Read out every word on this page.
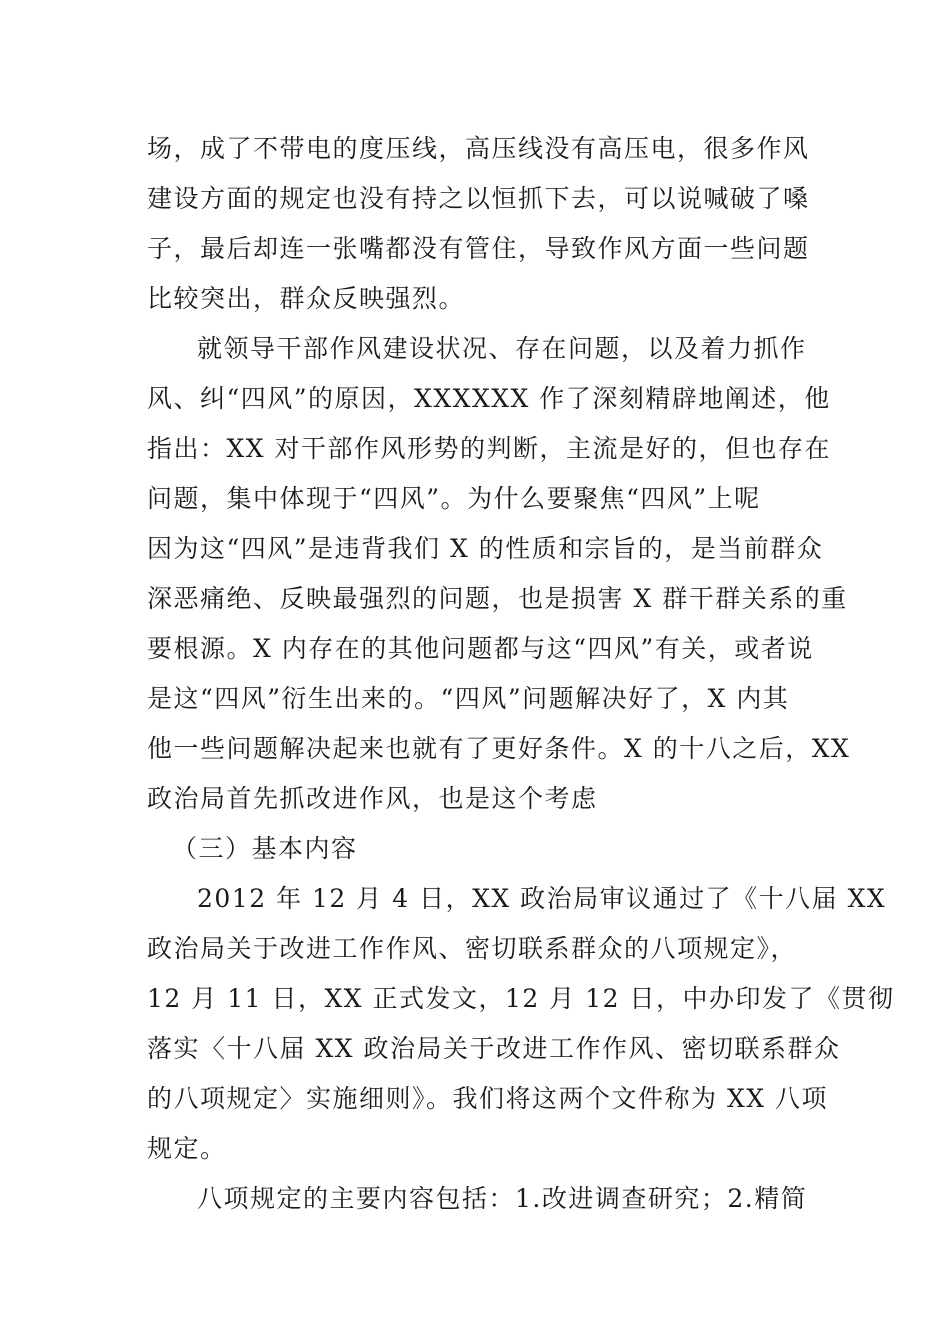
场，成了不带电的度压线，高压线没有高压电，很多作风
建设方面的规定也没有持之以恒抓下去，可以说喊破了嗓
子，最后却连一张嘴都没有管住，导致作风方面一些问题
比较突出，群众反映强烈。
就领导干部作风建设状况、存在问题，以及着力抓作
风、纠“四风”的原因，XXXXXX 作了深刻精辟地阐述，他
指出：XX 对干部作风形势的判断，主流是好的，但也存在
问题，集中体现于“四风”。为什么要聚焦“四风”上呢
因为这“四风”是违背我们 X 的性质和宗旨的，是当前群众
深恶痛绝、反映最强烈的问题，也是损害 X 群干群关系的重
要根源。X 内存在的其他问题都与这“四风”有关，或者说
是这“四风”衍生出来的。“四风”问题解决好了，X 内其
他一些问题解决起来也就有了更好条件。X 的十八之后，XX
政治局首先抓改进作风，也是这个考虑
（三）基本内容
2012 年 12 月 4 日，XX 政治局审议通过了《十八届 XX
政治局关于改进工作作风、密切联系群众的八项规定》，
12 月 11 日，XX 正式发文，12 月 12 日，中办印发了《贯彻
落实〈十八届 XX 政治局关于改进工作作风、密切联系群众
的八项规定〉实施细则》。我们将这两个文件称为 XX 八项
规定。
八项规定的主要内容包括：1.改进调查研究；2.精简
